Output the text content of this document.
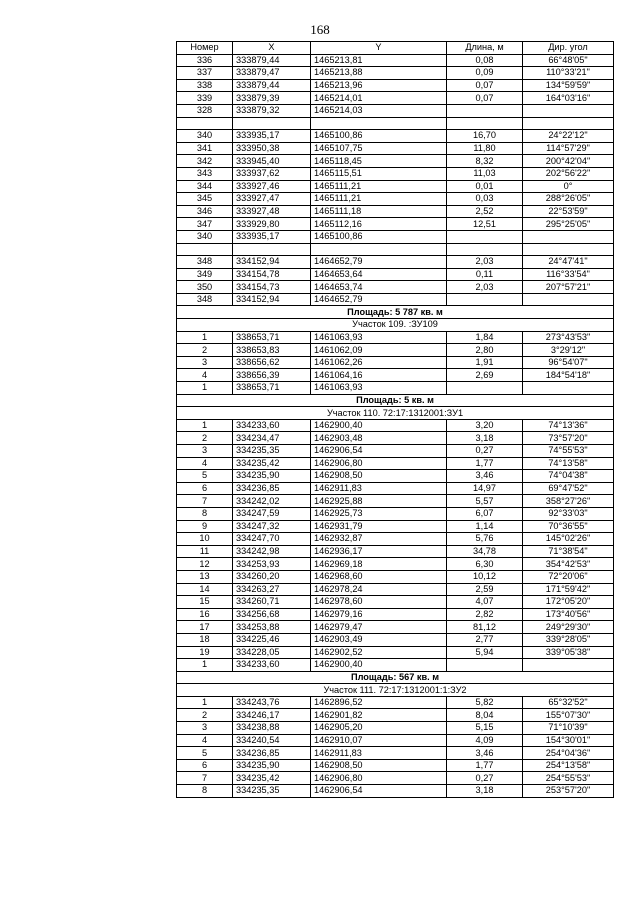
168
Номер	X	Y	Длина, м	Дир. угол
336	333879,44	1465213,81	0,08	66°48'05"
337	333879,47	1465213,88	0,09	110°33'21"
338	333879,44	1465213,96	0,07	134°59'59"
339	333879,39	1465214,01	0,07	164°03'16"
328	333879,32	1465214,03		

340	333935,17	1465100,86	16,70	24°22'12"
341	333950,38	1465107,75	11,80	114°57'29"
342	333945,40	1465118,45	8,32	200°42'04"
343	333937,62	1465115,51	11,03	202°56'22"
344	333927,46	1465111,21	0,01	0°
345	333927,47	1465111,21	0,03	288°26'05"
346	333927,48	1465111,18	2,52	22°53'59"
347	333929,80	1465112,16	12,51	295°25'05"
340	333935,17	1465100,86		

348	334152,94	1464652,79	2,03	24°47'41"
349	334154,78	1464653,64	0,11	116°33'54"
350	334154,73	1464653,74	2,03	207°57'21"
348	334152,94	1464652,79		
Площадь: 5 787 кв. м				
Участок 109. :ЗУ109				
1	338653,71	1461063,93	1,84	273°43'53"
2	338653,83	1461062,09	2,80	3°29'12"
3	338656,62	1461062,26	1,91	96°54'07"
4	338656,39	1461064,16	2,69	184°54'18"
1	338653,71	1461063,93		
Площадь: 5 кв. м				
Участок 110. 72:17:1312001:ЗУ1				
1	334233,60	1462900,40	3,20	74°13'36"
2	334234,47	1462903,48	3,18	73°57'20"
3	334235,35	1462906,54	0,27	74°55'53"
4	334235,42	1462906,80	1,77	74°13'58"
5	334235,90	1462908,50	3,46	74°04'38"
6	334236,85	1462911,83	14,97	69°47'52"
7	334242,02	1462925,88	5,57	358°27'26"
8	334247,59	1462925,73	6,07	92°33'03"
9	334247,32	1462931,79	1,14	70°36'55"
10	334247,70	1462932,87	5,76	145°02'26"
11	334242,98	1462936,17	34,78	71°38'54"
12	334253,93	1462969,18	6,30	354°42'53"
13	334260,20	1462968,60	10,12	72°20'06"
14	334263,27	1462978,24	2,59	171°59'42"
15	334260,71	1462978,60	4,07	172°05'20"
16	334256,68	1462979,16	2,82	173°40'56"
17	334253,88	1462979,47	81,12	249°29'30"
18	334225,46	1462903,49	2,77	339°28'05"
19	334228,05	1462902,52	5,94	339°05'38"
1	334233,60	1462900,40		
Площадь: 567 кв. м				
Участок 111. 72:17:1312001:1:ЗУ2				
1	334243,76	1462896,52	5,82	65°32'52"
2	334246,17	1462901,82	8,04	155°07'30"
3	334238,88	1462905,20	5,15	71°10'39"
4	334240,54	1462910,07	4,09	154°30'01"
5	334236,85	1462911,83	3,46	254°04'36"
6	334235,90	1462908,50	1,77	254°13'58"
7	334235,42	1462906,80	0,27	254°55'53"
8	334235,35	1462906,54	3,18	253°57'20"
